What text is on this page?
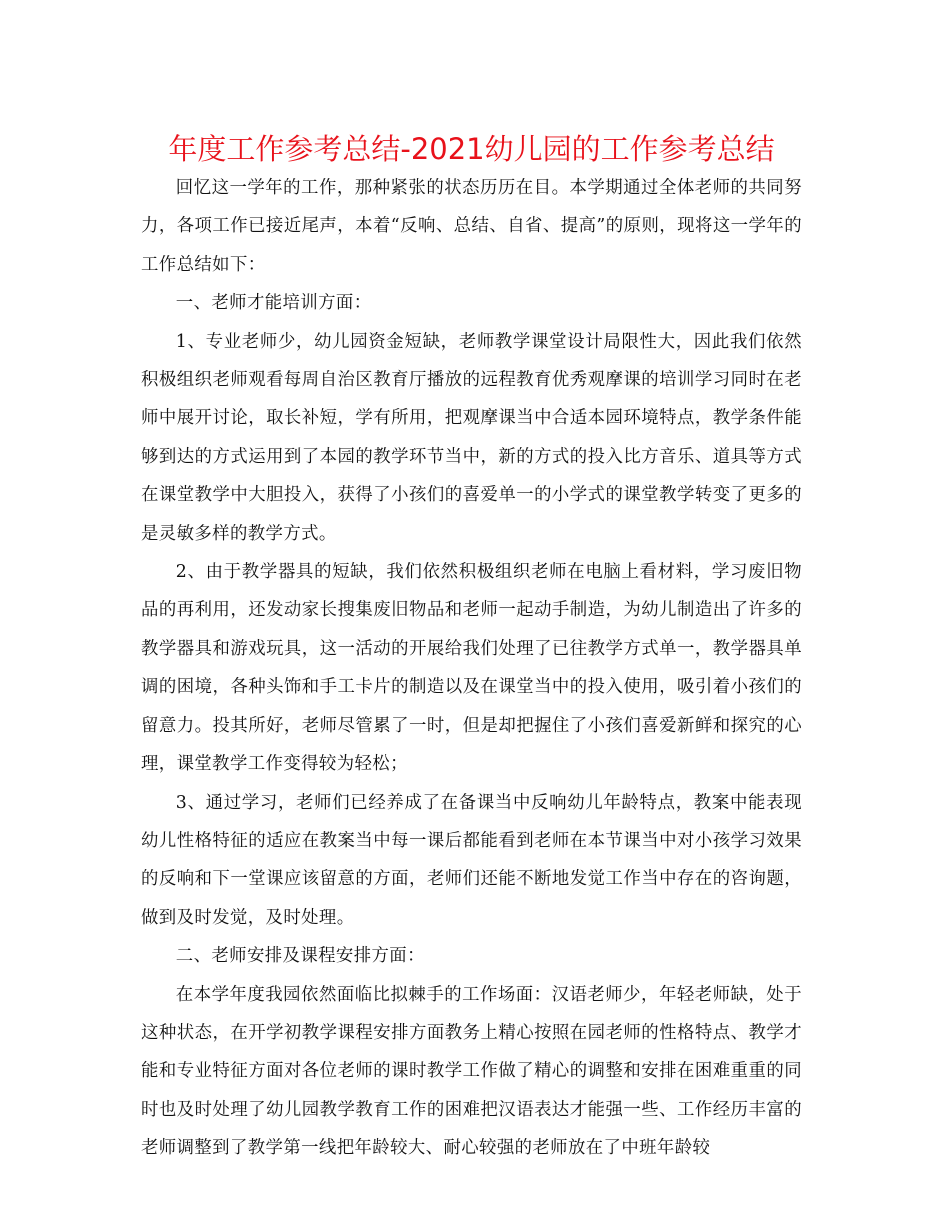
年度工作参考总结-2021幼儿园的工作参考总结

回忆这一学年的工作，那种紧张的状态历历在目。本学期通过全体老师的共同努力，各项工作已接近尾声，本着“反响、总结、自省、提高”的原则，现将这一学年的工作总结如下：

一、老师才能培训方面：

1、专业老师少，幼儿园资金短缺，老师教学课堂设计局限性大，因此我们依然积极组织老师观看每周自治区教育厅播放的远程教育优秀观摩课的培训学习同时在老师中展开讨论，取长补短，学有所用，把观摩课当中合适本园环境特点，教学条件能够到达的方式运用到了本园的教学环节当中，新的方式的投入比方音乐、道具等方式在课堂教学中大胆投入，获得了小孩们的喜爱单一的小学式的课堂教学转变了更多的是灵敏多样的教学方式。

2、由于教学器具的短缺，我们依然积极组织老师在电脑上看材料，学习废旧物品的再利用，还发动家长搜集废旧物品和老师一起动手制造，为幼儿制造出了许多的教学器具和游戏玩具，这一活动的开展给我们处理了已往教学方式单一，教学器具单调的困境，各种头饰和手工卡片的制造以及在课堂当中的投入使用，吸引着小孩们的留意力。投其所好，老师尽管累了一时，但是却把握住了小孩们喜爱新鲜和探究的心理，课堂教学工作变得较为轻松；

3、通过学习，老师们已经养成了在备课当中反响幼儿年龄特点，教案中能表现幼儿性格特征的适应在教案当中每一课后都能看到老师在本节课当中对小孩学习效果的反响和下一堂课应该留意的方面，老师们还能不断地发觉工作当中存在的咨询题，做到及时发觉，及时处理。

二、老师安排及课程安排方面：

在本学年度我园依然面临比拟棘手的工作场面：汉语老师少，年轻老师缺，处于这种状态，在开学初教学课程安排方面教务上精心按照在园老师的性格特点、教学才能和专业特征方面对各位老师的课时教学工作做了精心的调整和安排在困难重重的同时也及时处理了幼儿园教学教育工作的困难把汉语表达才能强一些、工作经历丰富的老师调整到了教学第一线把年龄较大、耐心较强的老师放在了中班年龄较
